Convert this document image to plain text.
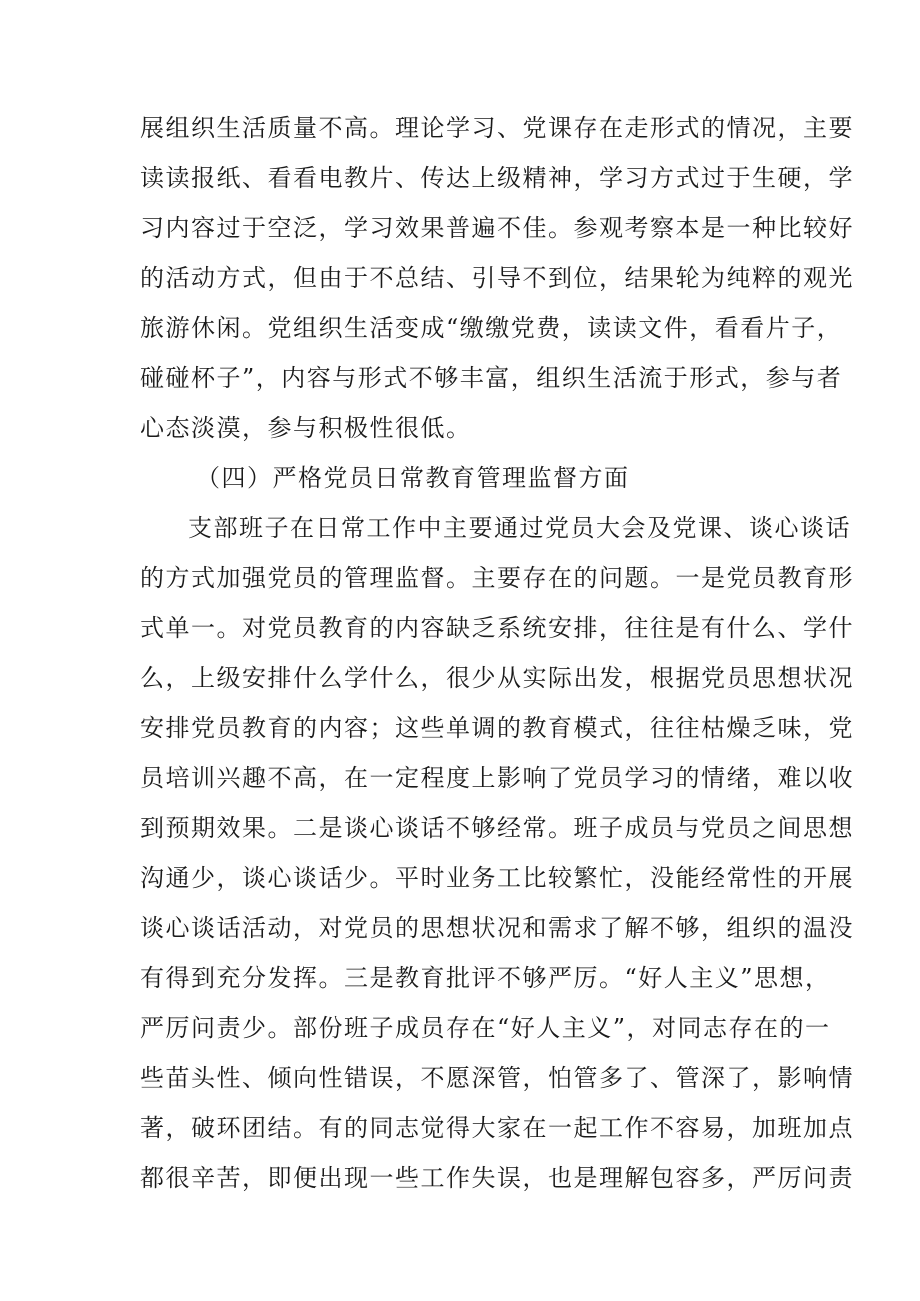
展组织生活质量不高。理论学习、党课存在走形式的情况，主要
读读报纸、看看电教片、传达上级精神，学习方式过于生硬，学
习内容过于空泛，学习效果普遍不佳。参观考察本是一种比较好
的活动方式，但由于不总结、引导不到位，结果轮为纯粹的观光
旅游休闲。党组织生活变成“缴缴党费，读读文件，看看片子，
碰碰杯子”，内容与形式不够丰富，组织生活流于形式，参与者
心态淡漠，参与积极性很低。
（四）严格党员日常教育管理监督方面
支部班子在日常工作中主要通过党员大会及党课、谈心谈话
的方式加强党员的管理监督。主要存在的问题。一是党员教育形
式单一。对党员教育的内容缺乏系统安排，往往是有什么、学什
么，上级安排什么学什么，很少从实际出发，根据党员思想状况
安排党员教育的内容；这些单调的教育模式，往往枯燥乏味，党
员培训兴趣不高，在一定程度上影响了党员学习的情绪，难以收
到预期效果。二是谈心谈话不够经常。班子成员与党员之间思想
沟通少，谈心谈话少。平时业务工比较繁忙，没能经常性的开展
谈心谈话活动，对党员的思想状况和需求了解不够，组织的温没
有得到充分发挥。三是教育批评不够严厉。“好人主义”思想，
严厉问责少。部份班子成员存在“好人主义”，对同志存在的一
些苗头性、倾向性错误，不愿深管，怕管多了、管深了，影响情
著，破环团结。有的同志觉得大家在一起工作不容易，加班加点
都很辛苦，即便出现一些工作失误，也是理解包容多，严厉问责
